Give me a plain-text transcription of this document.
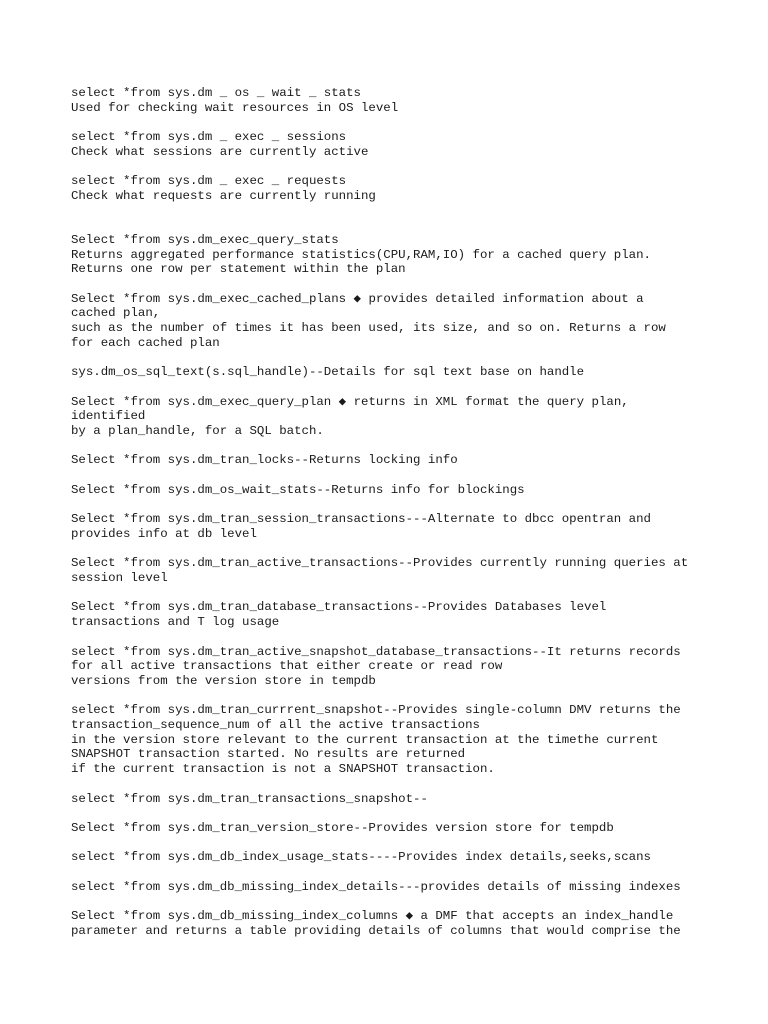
select *from sys.dm _ os _ wait _ stats
Used for checking wait resources in OS level
select *from sys.dm _ exec _ sessions
Check what sessions are currently active
select *from sys.dm _ exec _ requests
Check what requests are currently running
Select *from sys.dm_exec_query_stats
Returns aggregated performance statistics(CPU,RAM,IO) for a cached query plan.
Returns one row per statement within the plan
Select *from sys.dm_exec_cached_plans ◆ provides detailed information about a
cached plan,
such as the number of times it has been used, its size, and so on. Returns a row
for each cached plan
sys.dm_os_sql_text(s.sql_handle)--Details for sql text base on handle
Select *from sys.dm_exec_query_plan ◆ returns in XML format the query plan,
identified
by a plan_handle, for a SQL batch.
Select *from sys.dm_tran_locks--Returns locking info
Select *from sys.dm_os_wait_stats--Returns info for blockings
Select *from sys.dm_tran_session_transactions---Alternate to dbcc opentran and
provides info at db level
Select *from sys.dm_tran_active_transactions--Provides currently running queries at
session level
Select *from sys.dm_tran_database_transactions--Provides Databases level
transactions and T log usage
select *from sys.dm_tran_active_snapshot_database_transactions--It returns records
for all active transactions that either create or read row
versions from the version store in tempdb
select *from sys.dm_tran_currrent_snapshot--Provides single-column DMV returns the
transaction_sequence_num of all the active transactions
in the version store relevant to the current transaction at the timethe current
SNAPSHOT transaction started. No results are returned
if the current transaction is not a SNAPSHOT transaction.
select *from sys.dm_tran_transactions_snapshot--
Select *from sys.dm_tran_version_store--Provides version store for tempdb
select *from sys.dm_db_index_usage_stats----Provides index details,seeks,scans
select *from sys.dm_db_missing_index_details---provides details of missing indexes
Select *from sys.dm_db_missing_index_columns ◆ a DMF that accepts an index_handle
parameter and returns a table providing details of columns that would comprise the
